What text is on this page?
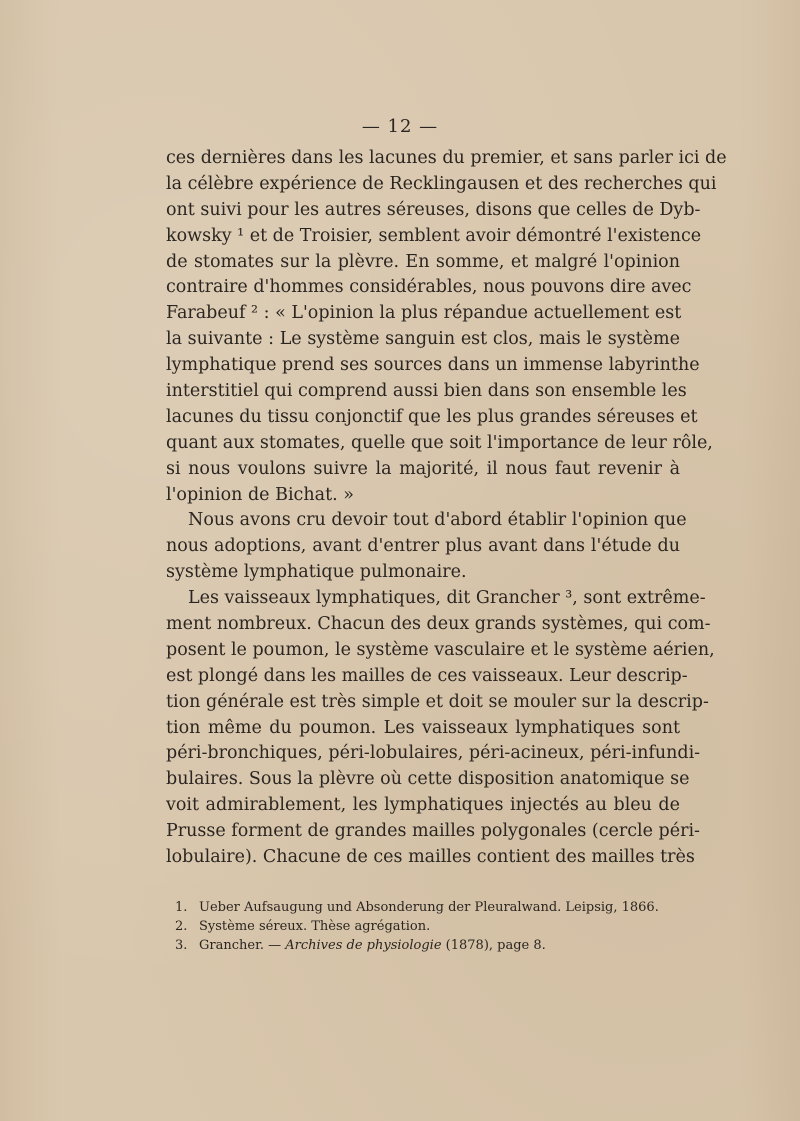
— 12 —

ces dernières dans les lacunes du premier, et sans parler ici de
la célèbre expérience de Recklingausen et des recherches qui
ont suivi pour les autres séreuses, disons que celles de Dyb-
kowsky ¹ et de Troisier, semblent avoir démontré l'existence
de stomates sur la plèvre. En somme, et malgré l'opinion
contraire d'hommes considérables, nous pouvons dire avec
Farabeuf ² : « L'opinion la plus répandue actuellement est
la suivante : Le système sanguin est clos, mais le système
lymphatique prend ses sources dans un immense labyrinthe
interstitiel qui comprend aussi bien dans son ensemble les
lacunes du tissu conjonctif que les plus grandes séreuses et
quant aux stomates, quelle que soit l'importance de leur rôle,
si nous voulons suivre la majorité, il nous faut revenir à
l'opinion de Bichat. »

Nous avons cru devoir tout d'abord établir l'opinion que
nous adoptions, avant d'entrer plus avant dans l'étude du
système lymphatique pulmonaire.

Les vaisseaux lymphatiques, dit Grancher ³, sont extrême-
ment nombreux. Chacun des deux grands systèmes, qui com-
posent le poumon, le système vasculaire et le système aérien,
est plongé dans les mailles de ces vaisseaux. Leur descrip-
tion générale est très simple et doit se mouler sur la descrip-
tion même du poumon. Les vaisseaux lymphatiques sont
péri-bronchiques, péri-lobulaires, péri-acineux, péri-infundi-
bulaires. Sous la plèvre où cette disposition anatomique se
voit admirablement, les lymphatiques injectés au bleu de
Prusse forment de grandes mailles polygonales (cercle péri-
lobulaire). Chacune de ces mailles contient des mailles très

1. Ueber Aufsaugung und Absonderung der Pleuralwand. Leipsig, 1866.
2. Système séreux. Thèse agrégation.
3. Grancher. — Archives de physiologie (1878), page 8.
